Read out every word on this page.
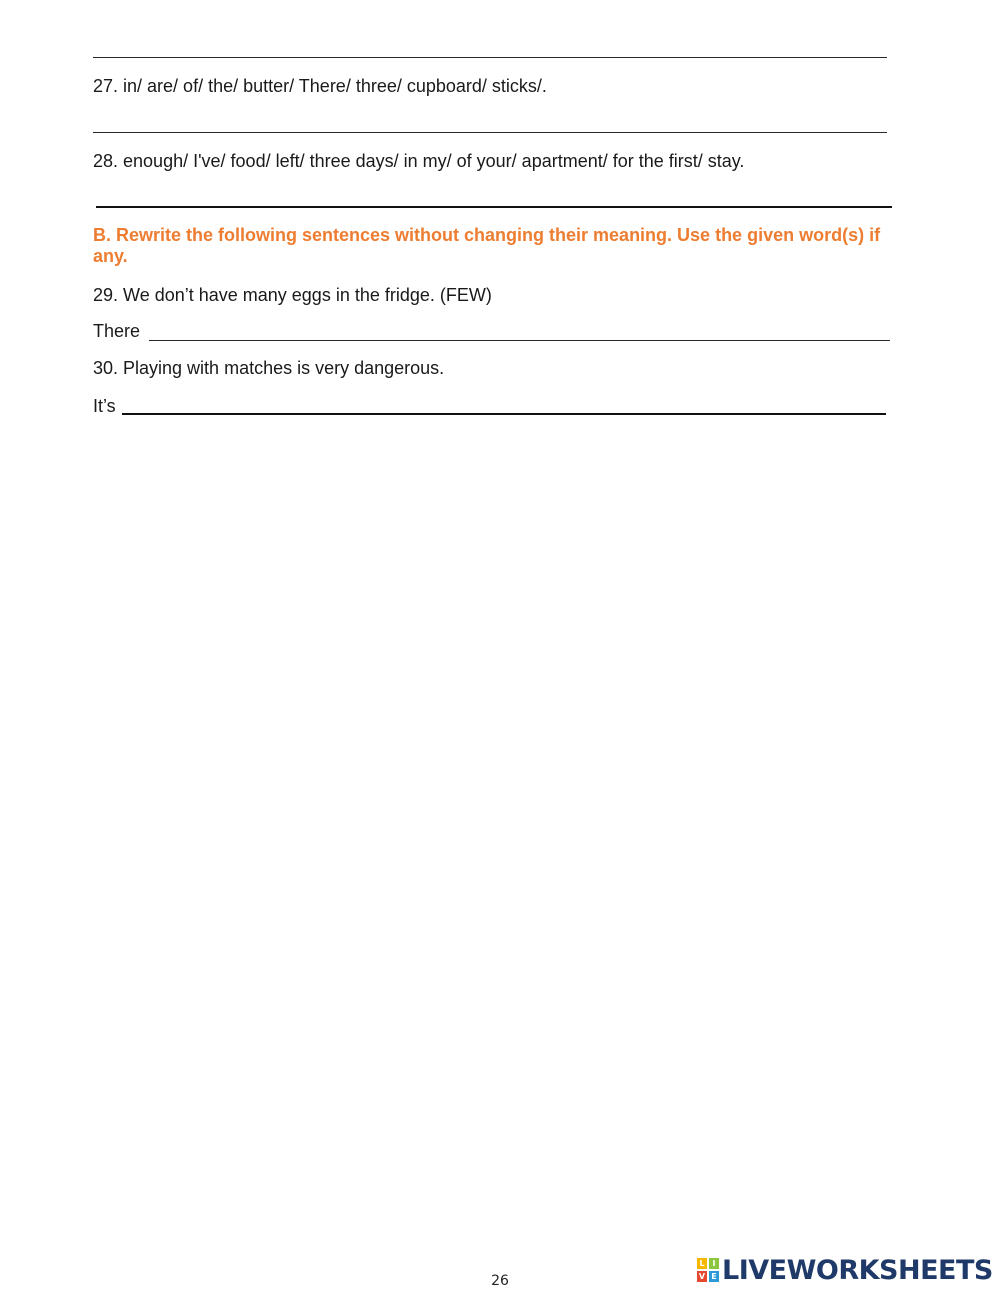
27. in/ are/ of/ the/ butter/ There/ three/ cupboard/ sticks/.
28. enough/ I've/ food/ left/ three days/ in my/ of your/ apartment/ for the first/ stay.
B. Rewrite the following sentences without changing their meaning. Use the given word(s) if any.
29. We don’t have many eggs in the fridge. (FEW)
There
30. Playing with matches is very dangerous.
It’s
26
L I
V E LIVEWORKSHEETS
